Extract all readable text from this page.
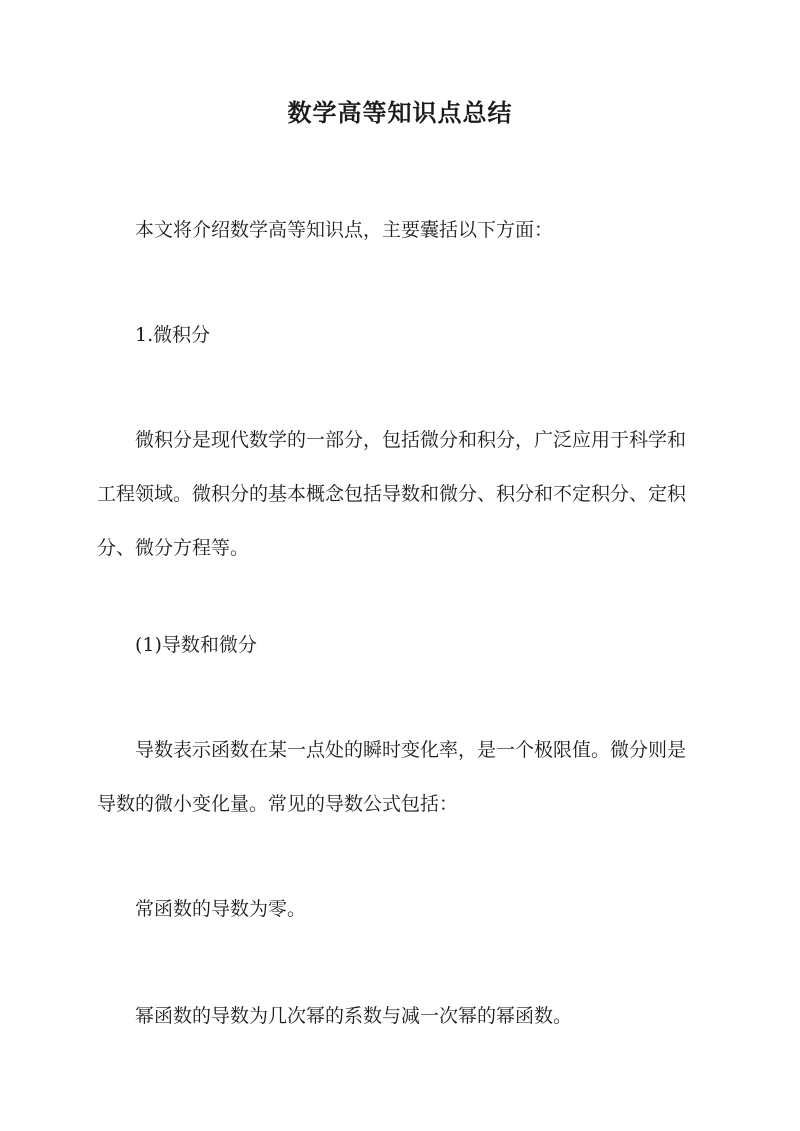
数学高等知识点总结

本文将介绍数学高等知识点，主要囊括以下方面：

1.微积分

微积分是现代数学的一部分，包括微分和积分，广泛应用于科学和工程领域。微积分的基本概念包括导数和微分、积分和不定积分、定积分、微分方程等。

(1)导数和微分

导数表示函数在某一点处的瞬时变化率，是一个极限值。微分则是导数的微小变化量。常见的导数公式包括：

常函数的导数为零。

幂函数的导数为几次幂的系数与减一次幂的幂函数。
